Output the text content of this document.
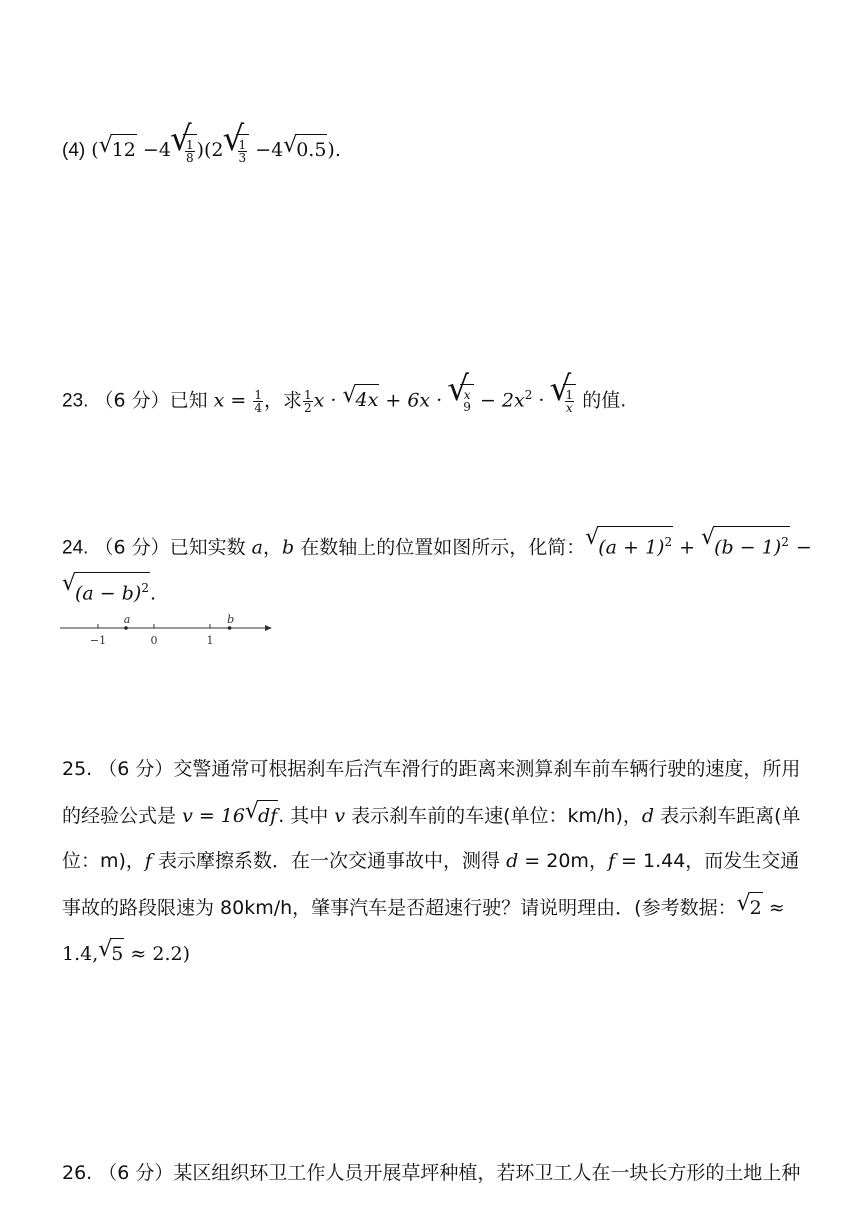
(4) (√ 12 −4
√ $\frac{1}{8} )(2$
√ $\frac{1}{3} -4√$ 0.5).
23. （6 分）已知 $x = \frac{1}{4}$ ，求 $\frac{1}{2}$ x · √ 4x + 6x · √ x
$9 - 2x^2$ ·
√ $\frac{1}{x}$ 的值.
24. （6 分）已知实数 a，b 在数轴上的位置如图所示，化简：√ $(a + 1)^2$ + √ $(b - 1)^2$ −
√ $(a - b)^2$.
−1	0	1
a	b
25. （6 分）交警通常可根据刹车后汽车滑行的距离来测算刹车前车辆行驶的速度，所用
的经验公式是 v = 16√ df. 其中 v 表示刹车前的车速(单位：km/h)，d 表示刹车距离(单
位：m)，f 表示摩擦系数．在一次交通事故中，测得 d = 20m，f = 1.44，而发生交通
事故的路段限速为 80km/h，肇事汽车是否超速行驶？请说明理由．(参考数据：√ 2 ≈
1.4,√ 5 ≈ 2.2)
26. （6 分）某区组织环卫工作人员开展草坪种植，若环卫工人在一块长方形的土地上种
